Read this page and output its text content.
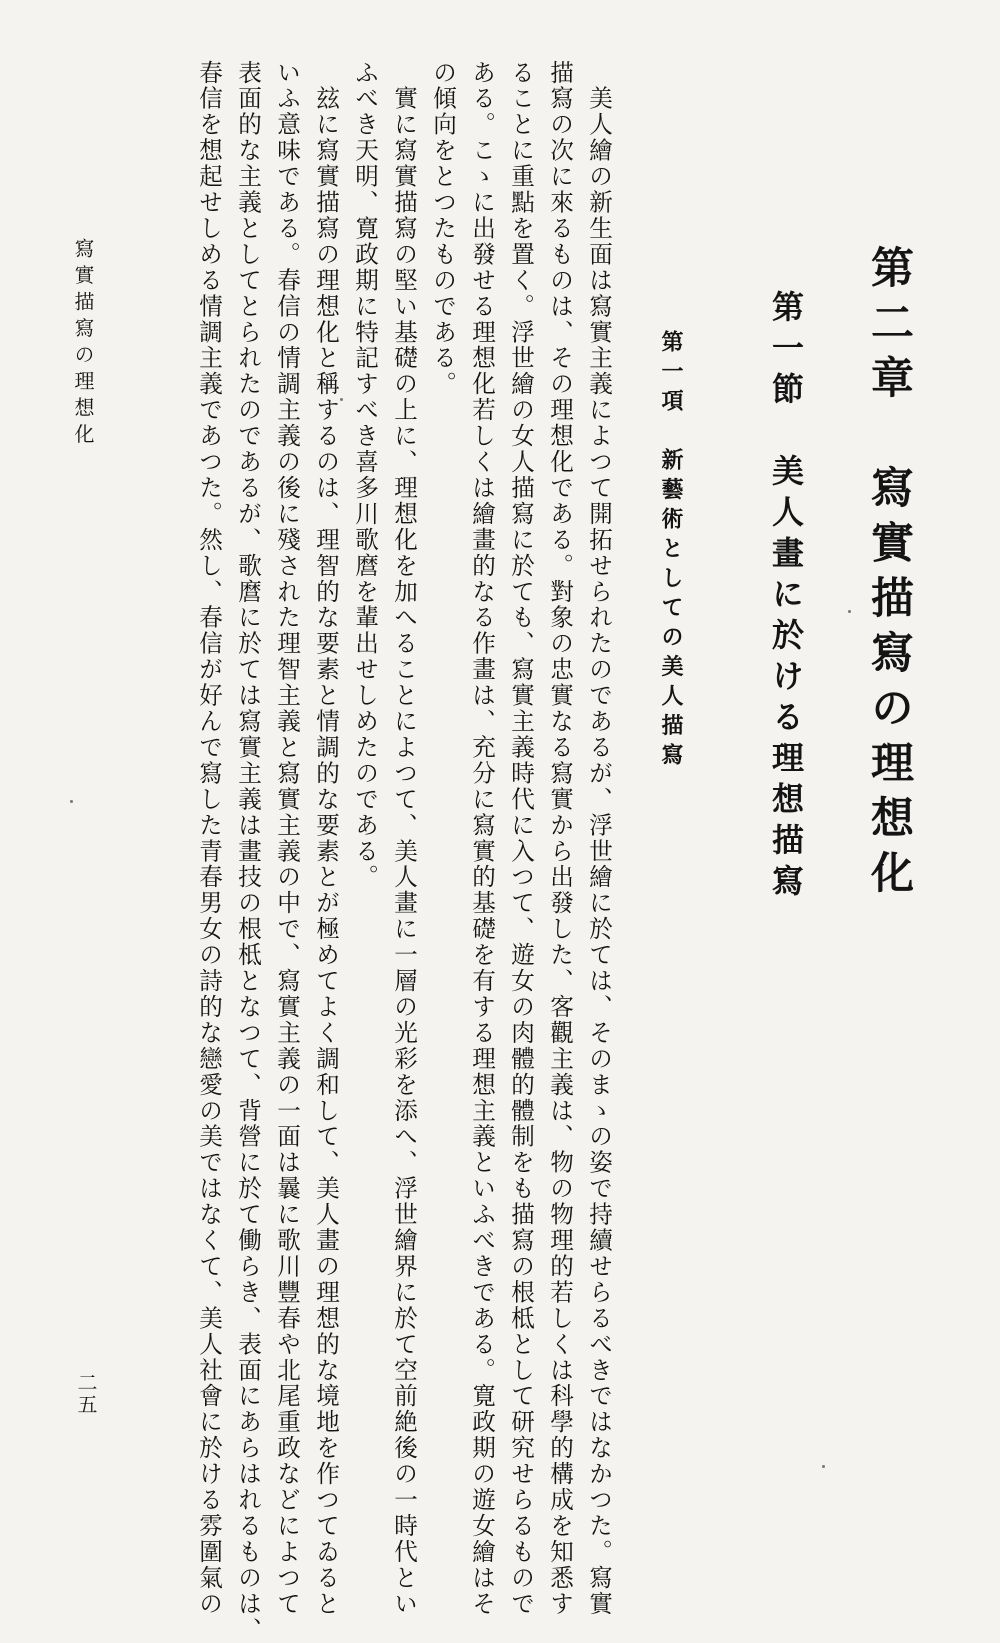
第二章　寫實描寫の理想化
第一節　美人畫に於ける理想描寫
第一項　新藝術としての美人描寫
　美人繪の新生面は寫實主義によつて開拓せられたのであるが、浮世繪に於ては、そのまゝの姿で持續せらるべきではなかつた。寫實
描寫の次に來るものは、その理想化である。對象の忠實なる寫實から出發した、客觀主義は、物の物理的若しくは科學的構成を知悉す
ることに重點を置く。浮世繪の女人描寫に於ても、寫實主義時代に入つて、遊女の肉體的體制をも描寫の根柢として研究せらるもので
ある。こゝに出發せる理想化若しくは繪畫的なる作畫は、充分に寫實的基礎を有する理想主義といふべきである。寛政期の遊女繪はそ
の傾向をとつたものである。
　實に寫實描寫の堅い基礎の上に、理想化を加へることによつて、美人畫に一層の光彩を添へ、浮世繪界に於て空前絶後の一時代とい
ふべき天明、寛政期に特記すべき喜多川歌麿を輩出せしめたのである。
　玆に寫實描寫の理想化と稱するのは、理智的な要素と情調的な要素とが極めてよく調和して、美人畫の理想的な境地を作つてゐると
いふ意味である。春信の情調主義の後に殘された理智主義と寫實主義の中で、寫實主義の一面は曩に歌川豐春や北尾重政などによつて
表面的な主義としてとられたのであるが、歌麿に於ては寫實主義は畫技の根柢となつて、背營に於て働らき、表面にあらはれるものは、
春信を想起せしめる情調主義であつた。然し、春信が好んで寫した青春男女の詩的な戀愛の美ではなくて、美人社會に於ける雰圍氣の
寫實描寫の理想化
二五
